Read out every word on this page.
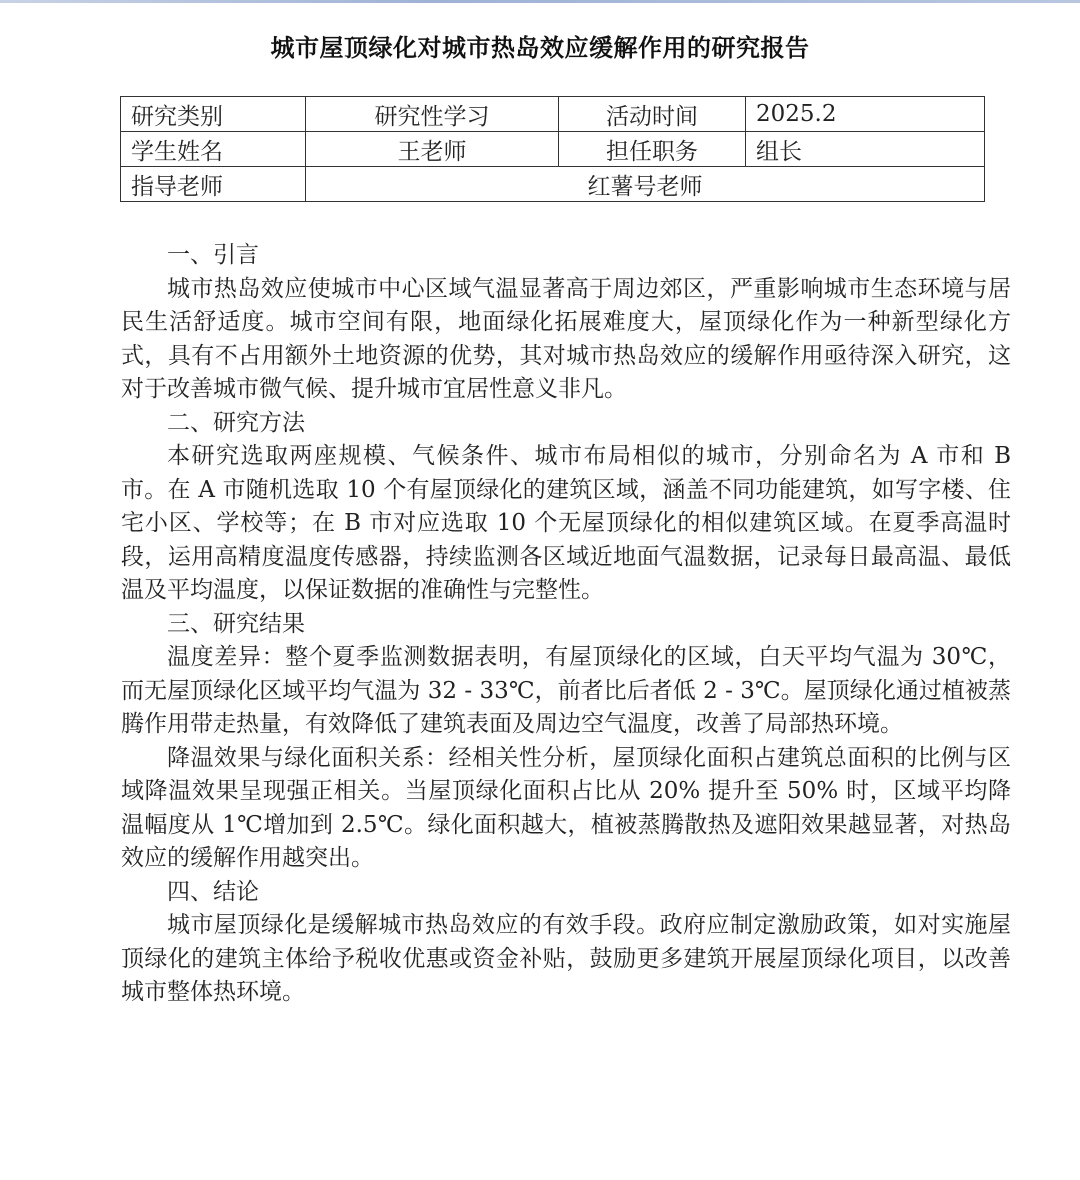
城市屋顶绿化对城市热岛效应缓解作用的研究报告
研究类别	研究性学习	活动时间	2025.2
学生姓名	王老师	担任职务	组长
指导老师	红薯号老师		
一、引言

城市热岛效应使城市中心区域气温显著高于周边郊区，严重影响城市生态环境与居民生活舒适度。城市空间有限，地面绿化拓展难度大，屋顶绿化作为一种新型绿化方式，具有不占用额外土地资源的优势，其对城市热岛效应的缓解作用亟待深入研究，这对于改善城市微气候、提升城市宜居性意义非凡。

二、研究方法

本研究选取两座规模、气候条件、城市布局相似的城市，分别命名为 A 市和 B 市。在 A 市随机选取 10 个有屋顶绿化的建筑区域，涵盖不同功能建筑，如写字楼、住宅小区、学校等；在 B 市对应选取 10 个无屋顶绿化的相似建筑区域。在夏季高温时段，运用高精度温度传感器，持续监测各区域近地面气温数据，记录每日最高温、最低温及平均温度，以保证数据的准确性与完整性。

三、研究结果

温度差异：整个夏季监测数据表明，有屋顶绿化的区域，白天平均气温为 30℃，而无屋顶绿化区域平均气温为 32 - 33℃，前者比后者低 2 - 3℃。屋顶绿化通过植被蒸腾作用带走热量，有效降低了建筑表面及周边空气温度，改善了局部热环境。

降温效果与绿化面积关系：经相关性分析，屋顶绿化面积占建筑总面积的比例与区域降温效果呈现强正相关。当屋顶绿化面积占比从 20% 提升至 50% 时，区域平均降温幅度从 1℃增加到 2.5℃。绿化面积越大，植被蒸腾散热及遮阳效果越显著，对热岛效应的缓解作用越突出。

四、结论

城市屋顶绿化是缓解城市热岛效应的有效手段。政府应制定激励政策，如对实施屋顶绿化的建筑主体给予税收优惠或资金补贴，鼓励更多建筑开展屋顶绿化项目，以改善城市整体热环境。
